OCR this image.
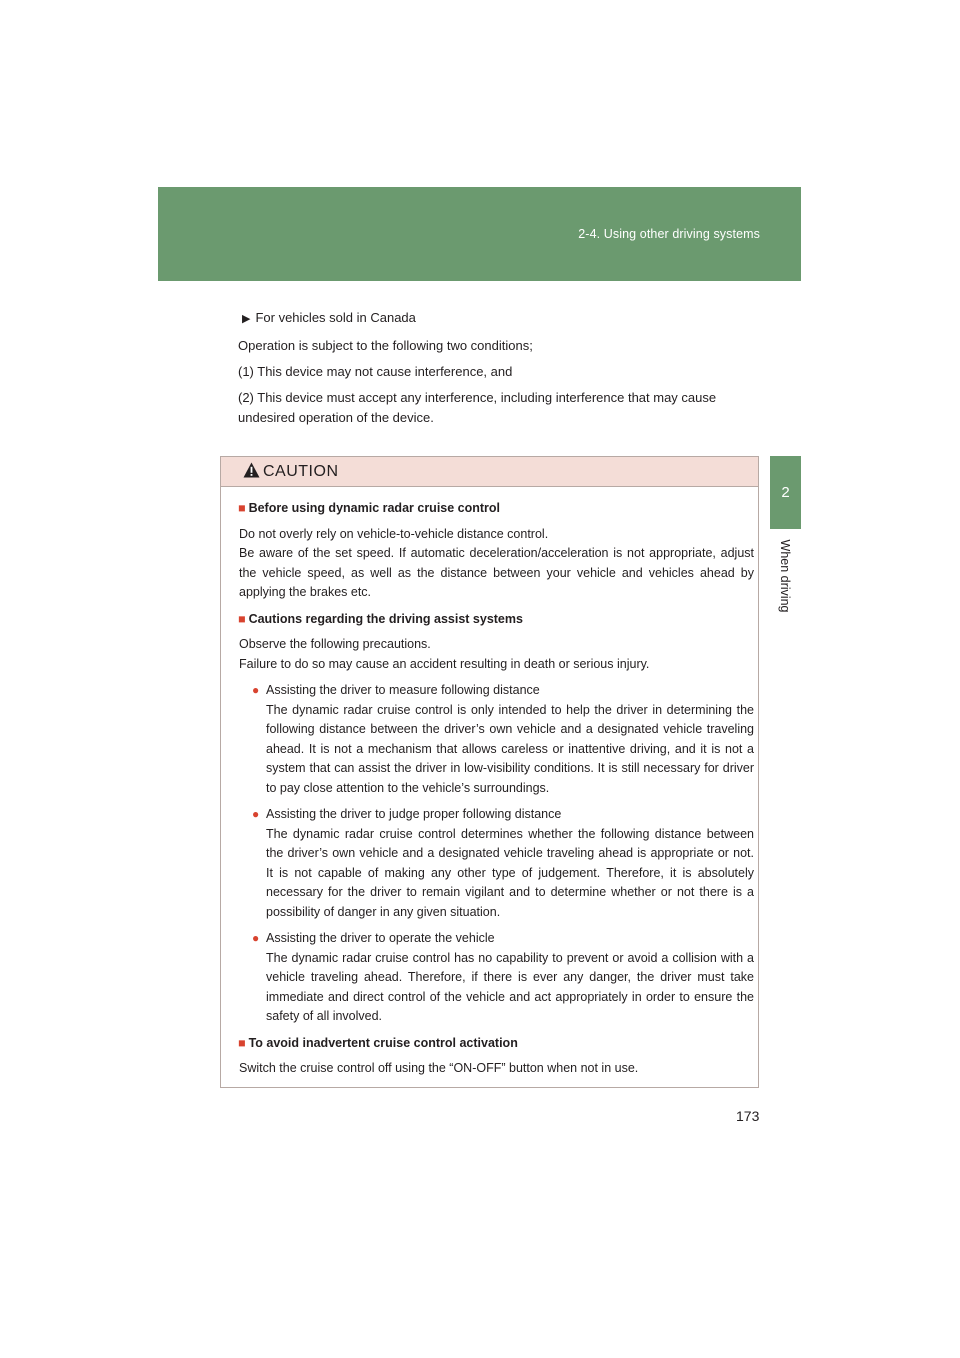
2-4. Using other driving systems
2
When driving

▶ For vehicles sold in Canada

Operation is subject to the following two conditions;

(1) This device may not cause interference, and

(2) This device must accept any interference, including interference that may cause undesired operation of the device.

CAUTION

■ Before using dynamic radar cruise control

Do not overly rely on vehicle-to-vehicle distance control.

Be aware of the set speed. If automatic deceleration/acceleration is not appropriate, adjust the vehicle speed, as well as the distance between your vehicle and vehicles ahead by applying the brakes etc.

■ Cautions regarding the driving assist systems

Observe the following precautions.

Failure to do so may cause an accident resulting in death or serious injury.

● Assisting the driver to measure following distance

The dynamic radar cruise control is only intended to help the driver in determining the following distance between the driver’s own vehicle and a designated vehicle traveling ahead. It is not a mechanism that allows careless or inattentive driving, and it is not a system that can assist the driver in low-visibility conditions. It is still necessary for driver to pay close attention to the vehicle’s surroundings.

● Assisting the driver to judge proper following distance

The dynamic radar cruise control determines whether the following distance between the driver’s own vehicle and a designated vehicle traveling ahead is appropriate or not. It is not capable of making any other type of judgement. Therefore, it is absolutely necessary for the driver to remain vigilant and to determine whether or not there is a possibility of danger in any given situation.

● Assisting the driver to operate the vehicle

The dynamic radar cruise control has no capability to prevent or avoid a collision with a vehicle traveling ahead. Therefore, if there is ever any danger, the driver must take immediate and direct control of the vehicle and act appropriately in order to ensure the safety of all involved.

■ To avoid inadvertent cruise control activation

Switch the cruise control off using the “ON-OFF” button when not in use.

173
